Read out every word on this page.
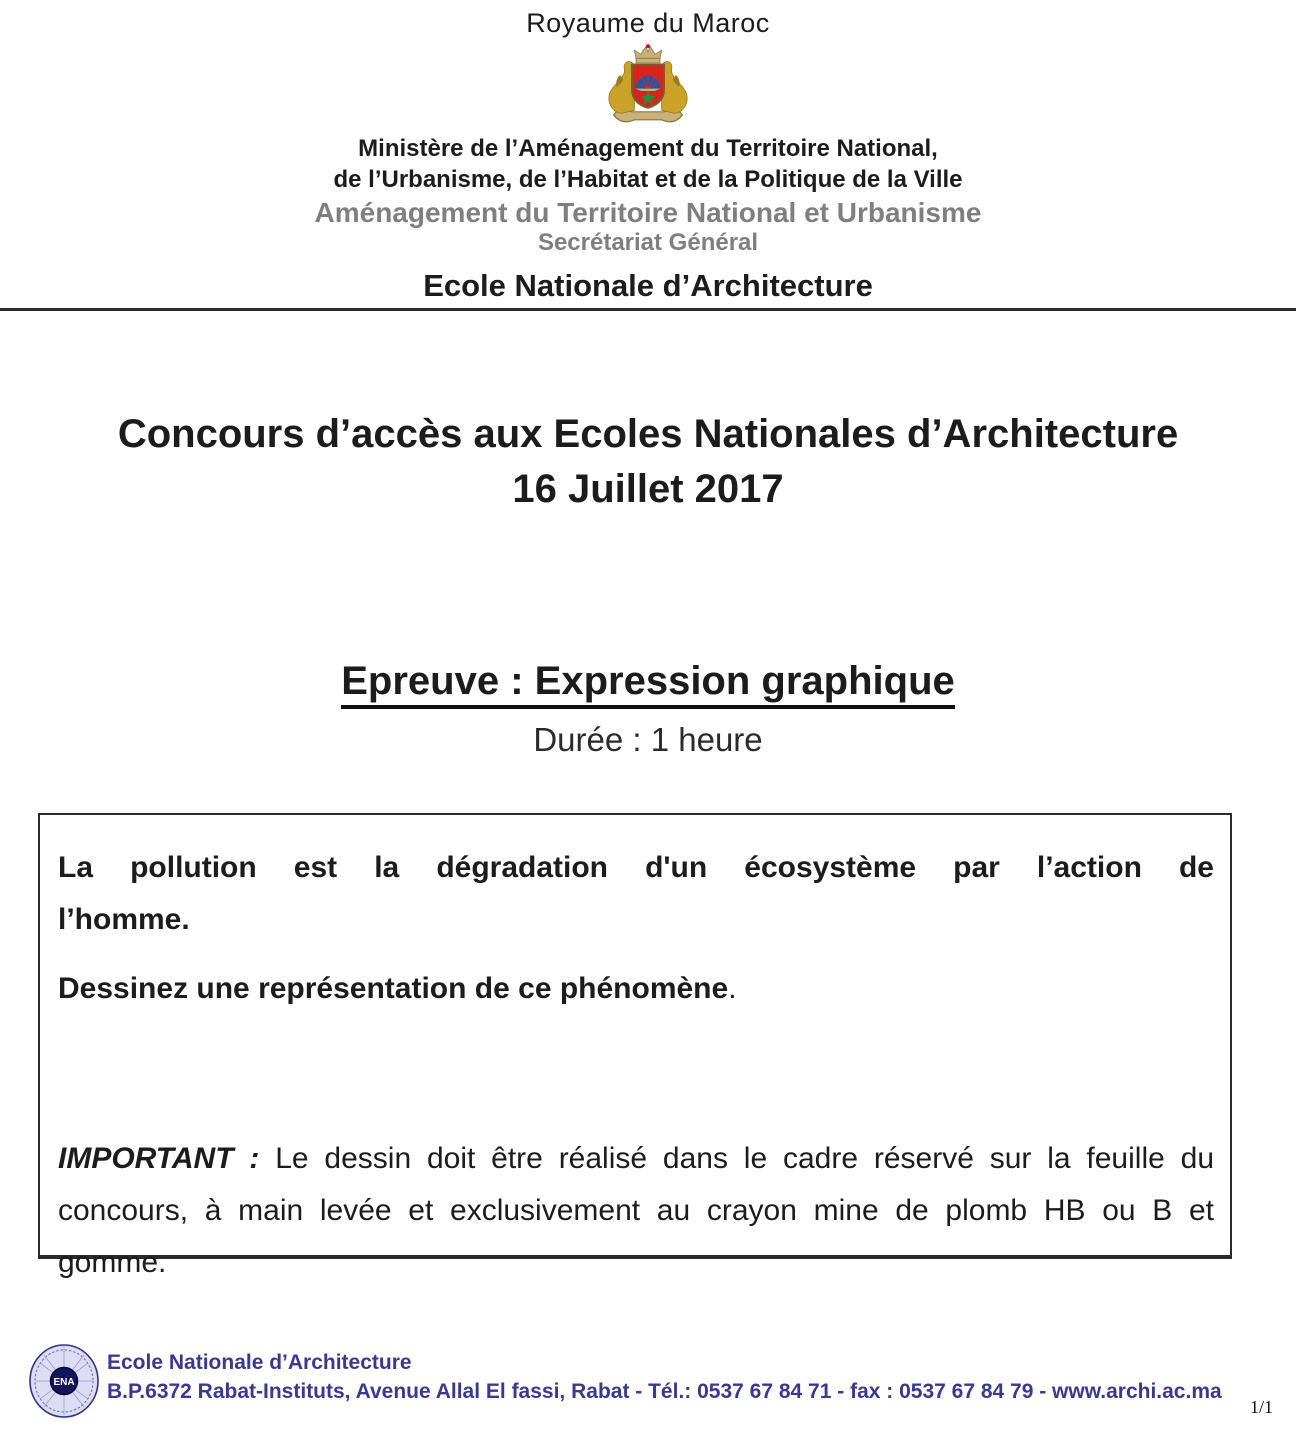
Royaume du Maroc
Ministère de l’Aménagement du Territoire National,
de l’Urbanisme, de l’Habitat et de la Politique de la Ville
Aménagement du Territoire National et Urbanisme
Secrétariat Général
Ecole Nationale d’Architecture
Concours d’accès aux Ecoles Nationales d’Architecture
16 Juillet 2017
Epreuve : Expression graphique
Durée : 1 heure
La pollution est la dégradation d'un écosystème par l’action de
l’homme.
Dessinez une représentation de ce phénomène.
IMPORTANT : Le dessin doit être réalisé dans le cadre réservé sur la feuille du
concours, à main levée et exclusivement au crayon mine de plomb HB ou B et
gomme.
ENA
Ecole Nationale d’Architecture
B.P.6372 Rabat-Instituts, Avenue Allal El fassi, Rabat - Tél.: 0537 67 84 71 - fax : 0537 67 84 79 - www.archi.ac.ma
1/1
